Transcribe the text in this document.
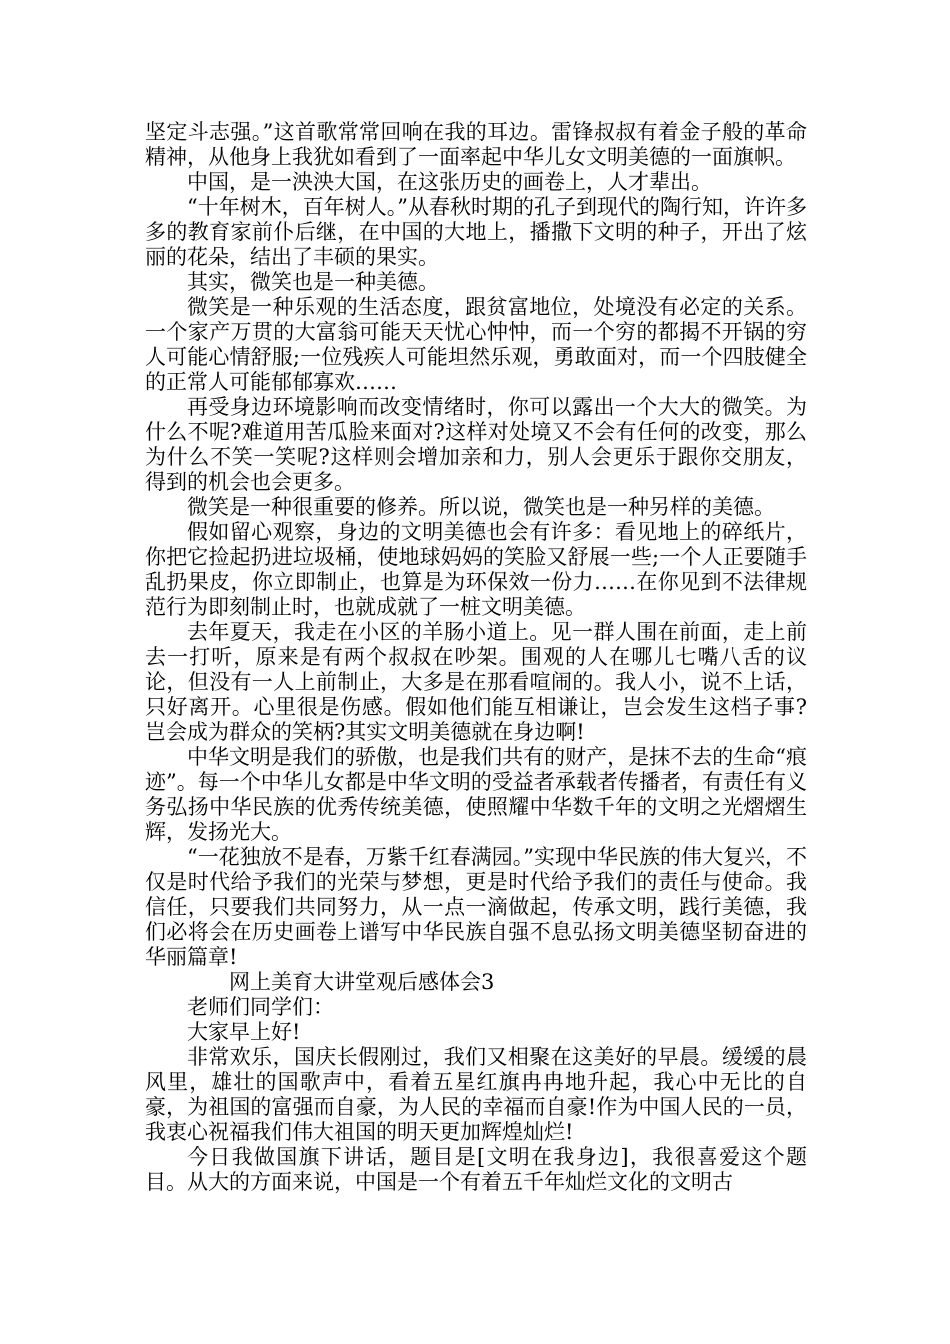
坚定斗志强。”这首歌常常回响在我的耳边。雷锋叔叔有着金子般的革命精神，从他身上我犹如看到了一面率起中华儿女文明美德的一面旗帜。

中国，是一泱泱大国，在这张历史的画卷上，人才辈出。

“十年树木，百年树人。”从春秋时期的孔子到现代的陶行知，许许多多的教育家前仆后继，在中国的大地上，播撒下文明的种子，开出了炫丽的花朵，结出了丰硕的果实。

其实，微笑也是一种美德。

微笑是一种乐观的生活态度，跟贫富地位，处境没有必定的关系。一个家产万贯的大富翁可能天天忧心忡忡，而一个穷的都揭不开锅的穷人可能心情舒服;一位残疾人可能坦然乐观，勇敢面对，而一个四肢健全的正常人可能郁郁寡欢……

再受身边环境影响而改变情绪时，你可以露出一个大大的微笑。为什么不呢?难道用苦瓜脸来面对?这样对处境又不会有任何的改变，那么为什么不笑一笑呢?这样则会增加亲和力，别人会更乐于跟你交朋友，得到的机会也会更多。

微笑是一种很重要的修养。所以说，微笑也是一种另样的美德。

假如留心观察，身边的文明美德也会有许多：看见地上的碎纸片，你把它捡起扔进垃圾桶，使地球妈妈的笑脸又舒展一些;一个人正要随手乱扔果皮，你立即制止，也算是为环保效一份力……在你见到不法律规范行为即刻制止时，也就成就了一桩文明美德。

去年夏天，我走在小区的羊肠小道上。见一群人围在前面，走上前去一打听，原来是有两个叔叔在吵架。围观的人在哪儿七嘴八舌的议论，但没有一人上前制止，大多是在那看喧闹的。我人小，说不上话，只好离开。心里很是伤感。假如他们能互相谦让，岂会发生这档子事?岂会成为群众的笑柄?其实文明美德就在身边啊!

中华文明是我们的骄傲，也是我们共有的财产，是抹不去的生命“痕迹”。每一个中华儿女都是中华文明的受益者承载者传播者，有责任有义务弘扬中华民族的优秀传统美德，使照耀中华数千年的文明之光熠熠生辉，发扬光大。

“一花独放不是春，万紫千红春满园。”实现中华民族的伟大复兴，不仅是时代给予我们的光荣与梦想，更是时代给予我们的责任与使命。我信任，只要我们共同努力，从一点一滴做起，传承文明，践行美德，我们必将会在历史画卷上谱写中华民族自强不息弘扬文明美德坚韧奋进的华丽篇章!

网上美育大讲堂观后感体会3

老师们同学们：

大家早上好!

非常欢乐，国庆长假刚过，我们又相聚在这美好的早晨。缓缓的晨风里，雄壮的国歌声中，看着五星红旗冉冉地升起，我心中无比的自豪，为祖国的富强而自豪，为人民的幸福而自豪!作为中国人民的一员，我衷心祝福我们伟大祖国的明天更加辉煌灿烂!

今日我做国旗下讲话，题目是[文明在我身边]，我很喜爱这个题目。从大的方面来说，中国是一个有着五千年灿烂文化的文明古
